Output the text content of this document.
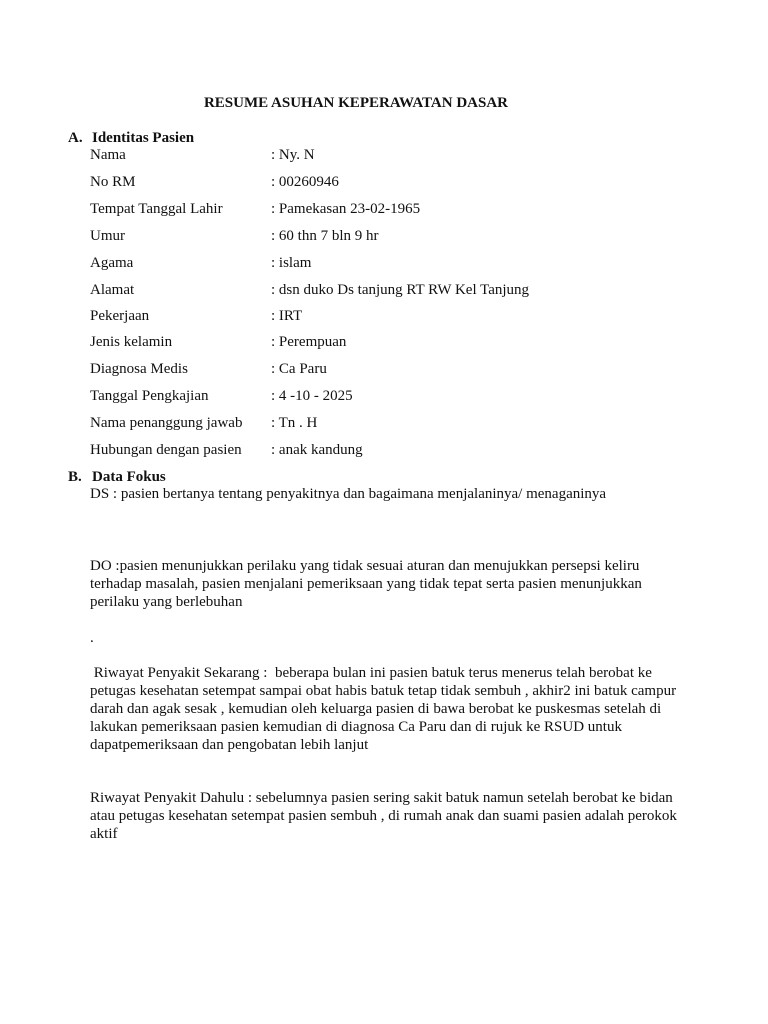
RESUME ASUHAN KEPERAWATAN DASAR
A. Identitas Pasien
Nama	: Ny. N
No RM	: 00260946
Tempat Tanggal Lahir	: Pamekasan 23-02-1965
Umur	: 60 thn 7 bln 9 hr
Agama	: islam
Alamat	: dsn duko Ds tanjung RT RW Kel Tanjung
Pekerjaan	: IRT
Jenis kelamin	: Perempuan
Diagnosa Medis	: Ca Paru
Tanggal Pengkajian	: 4 -10 - 2025
Nama penanggung jawab : Tn . H
Hubungan dengan pasien : anak kandung
B. Data Fokus
DS : pasien bertanya tentang penyakitnya dan bagaimana menjalaninya/ menaganinya
DO :pasien menunjukkan perilaku yang tidak sesuai aturan dan menujukkan persepsi keliru terhadap masalah, pasien menjalani pemeriksaan yang tidak tepat serta pasien menunjukkan perilaku yang berlebuhan
.
Riwayat Penyakit Sekarang :  beberapa bulan ini pasien batuk terus menerus telah berobat ke petugas kesehatan setempat sampai obat habis batuk tetap tidak sembuh , akhir2 ini batuk campur darah dan agak sesak , kemudian oleh keluarga pasien di bawa berobat ke puskesmas setelah di lakukan pemeriksaan pasien kemudian di diagnosa Ca Paru dan di rujuk ke RSUD untuk dapatpemeriksaan dan pengobatan lebih lanjut
Riwayat Penyakit Dahulu : sebelumnya pasien sering sakit batuk namun setelah berobat ke bidan atau petugas kesehatan setempat pasien sembuh , di rumah anak dan suami pasien adalah perokok aktif
